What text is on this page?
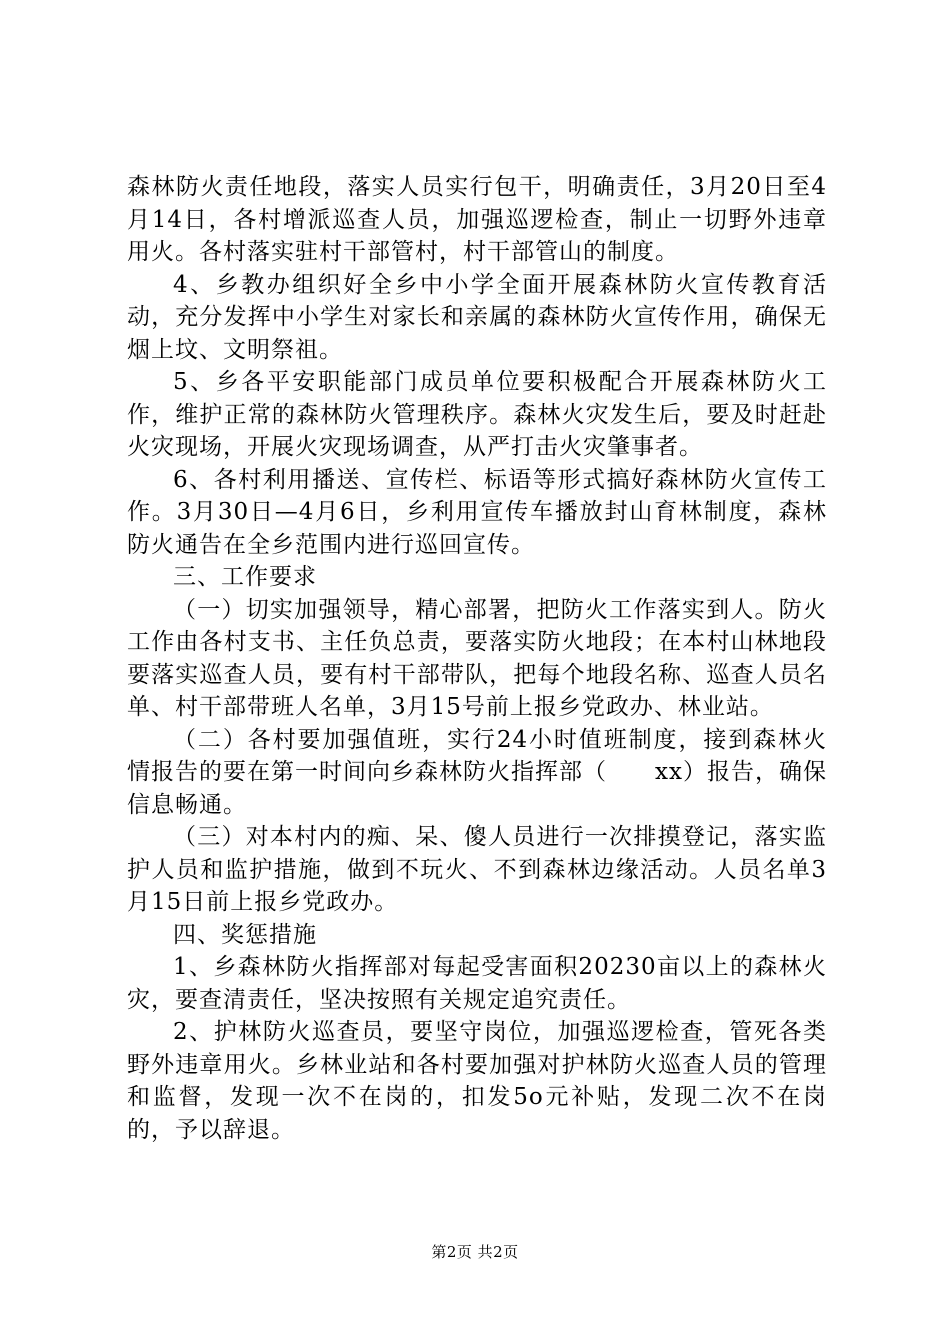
森林防火责任地段，落实人员实行包干，明确责任，3月20日至4月14日，各村增派巡查人员，加强巡逻检查，制止一切野外违章用火。各村落实驻村干部管村，村干部管山的制度。

4、乡教办组织好全乡中小学全面开展森林防火宣传教育活动，充分发挥中小学生对家长和亲属的森林防火宣传作用，确保无烟上坟、文明祭祖。

5、乡各平安职能部门成员单位要积极配合开展森林防火工作，维护正常的森林防火管理秩序。森林火灾发生后，要及时赶赴火灾现场，开展火灾现场调查，从严打击火灾肇事者。

6、各村利用播送、宣传栏、标语等形式搞好森林防火宣传工作。3月30日—4月6日，乡利用宣传车播放封山育林制度，森林防火通告在全乡范围内进行巡回宣传。

三、工作要求

（一）切实加强领导，精心部署，把防火工作落实到人。防火工作由各村支书、主任负总责，要落实防火地段；在本村山林地段要落实巡查人员，要有村干部带队，把每个地段名称、巡查人员名单、村干部带班人名单，3月15号前上报乡党政办、林业站。

（二）各村要加强值班，实行24小时值班制度，接到森林火情报告的要在第一时间向乡森林防火指挥部（　　xx）报告，确保信息畅通。

（三）对本村内的痴、呆、傻人员进行一次排摸登记，落实监护人员和监护措施，做到不玩火、不到森林边缘活动。人员名单3月15日前上报乡党政办。

四、奖惩措施

1、乡森林防火指挥部对每起受害面积20230亩以上的森林火灾，要查清责任，坚决按照有关规定追究责任。

2、护林防火巡查员，要坚守岗位，加强巡逻检查，管死各类野外违章用火。乡林业站和各村要加强对护林防火巡查人员的管理和监督，发现一次不在岗的，扣发5o元补贴，发现二次不在岗的，予以辞退。

第2页 共2页
